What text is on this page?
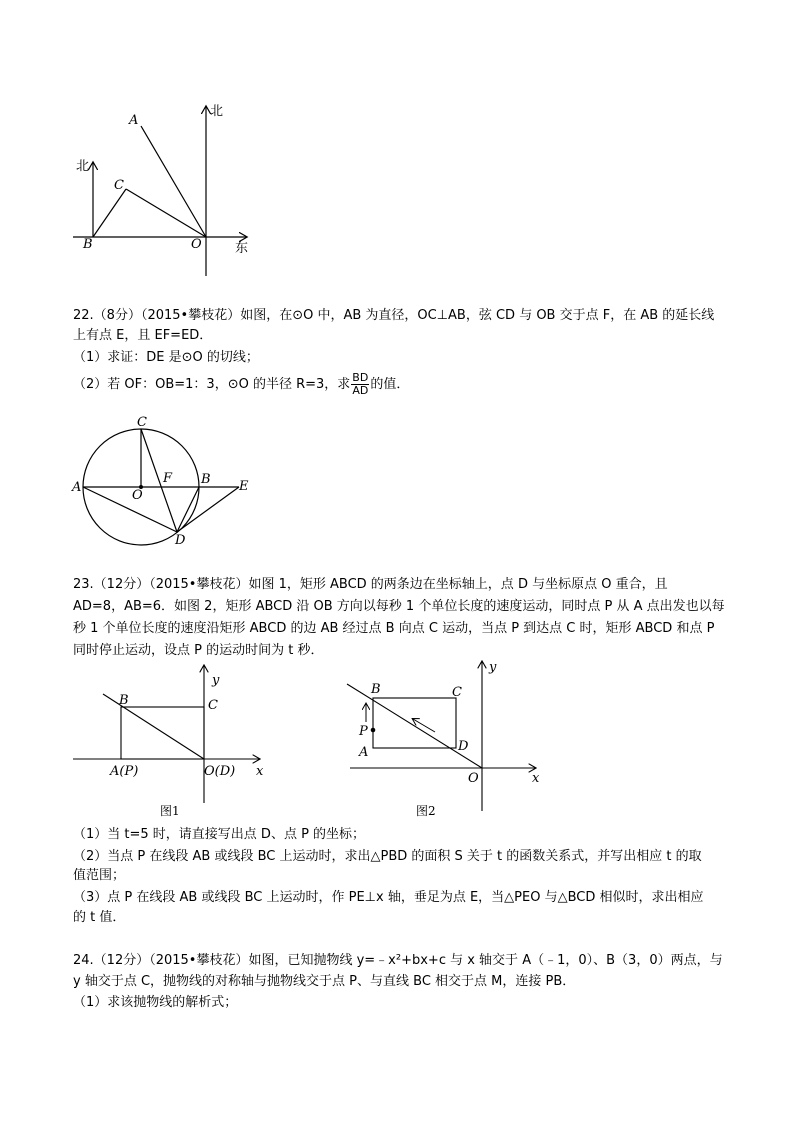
北
北
东
A
C
B	O
22.（8分）（2015•攀枝花）如图，在⊙O 中，AB 为直径，OC⊥AB，弦 CD 与 OB 交于点 F，在 AB 的延长线
上有点 E，且 EF=ED．
（1）求证：DE 是⊙O 的切线；
（2）若 OF：OB=1：3，⊙O 的半径 R=3，求 $\frac{BD}{AD}$ 的值．
C
F B E
A
O
D
23.（12分）（2015•攀枝花）如图 1，矩形 ABCD 的两条边在坐标轴上，点 D 与坐标原点 O 重合，且
AD=8，AB=6．如图 2，矩形 ABCD 沿 OB 方向以每秒 1 个单位长度的速度运动，同时点 P 从 A 点出发也以每
秒 1 个单位长度的速度沿矩形 ABCD 的边 AB 经过点 B 向点 C 运动，当点 P 到达点 C 时，矩形 ABCD 和点 P
同时停止运动，设点 P 的运动时间为 t 秒．
y
B	C
A(P)	O(D) x
图1
y
B	C
P
A	D
O	x
图2
（1）当 t=5 时，请直接写出点 D、点 P 的坐标；
（2）当点 P 在线段 AB 或线段 BC 上运动时，求出△PBD 的面积 S 关于 t 的函数关系式，并写出相应 t 的取
值范围；
（3）点 P 在线段 AB 或线段 BC 上运动时，作 PE⊥x 轴，垂足为点 E，当△PEO 与△BCD 相似时，求出相应
的 t 值．
24.（12分）（2015•攀枝花）如图，已知抛物线 y=﹣x²+bx+c 与 x 轴交于 A（﹣1，0）、B（3，0）两点，与
y 轴交于点 C，抛物线的对称轴与抛物线交于点 P、与直线 BC 相交于点 M，连接 PB．
（1）求该抛物线的解析式；
